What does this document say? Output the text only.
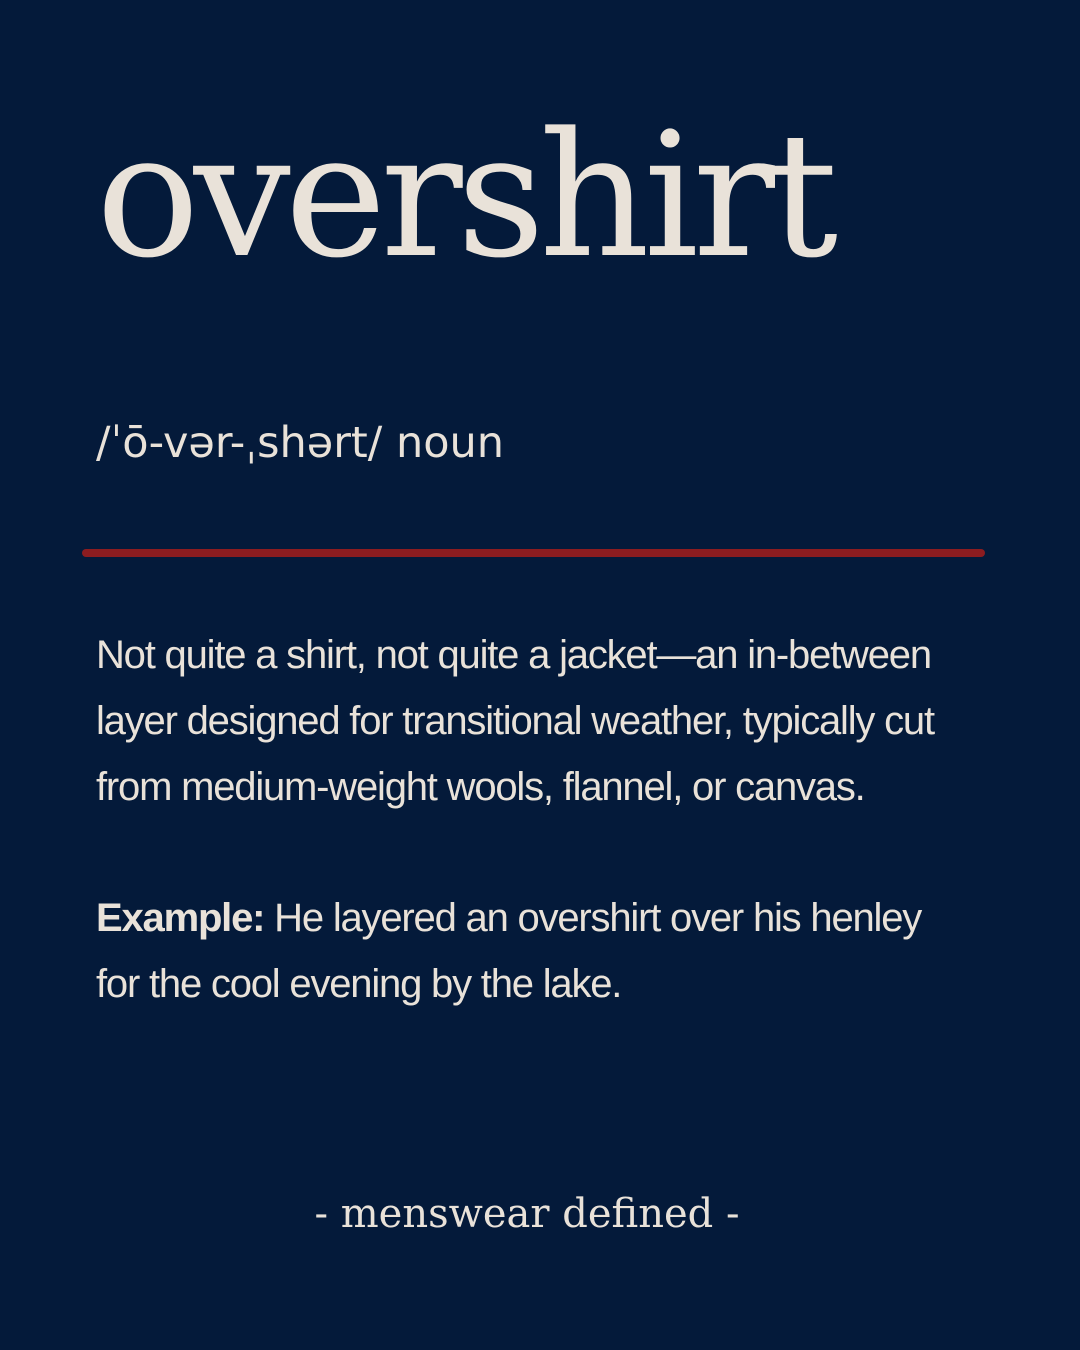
overshirt

/ˈō-vər-ˌshərt/ noun

Not quite a shirt, not quite a jacket—an in-between
layer designed for transitional weather, typically cut
from medium-weight wools, flannel, or canvas.

Example: He layered an overshirt over his henley
for the cool evening by the lake.

- menswear defined -
